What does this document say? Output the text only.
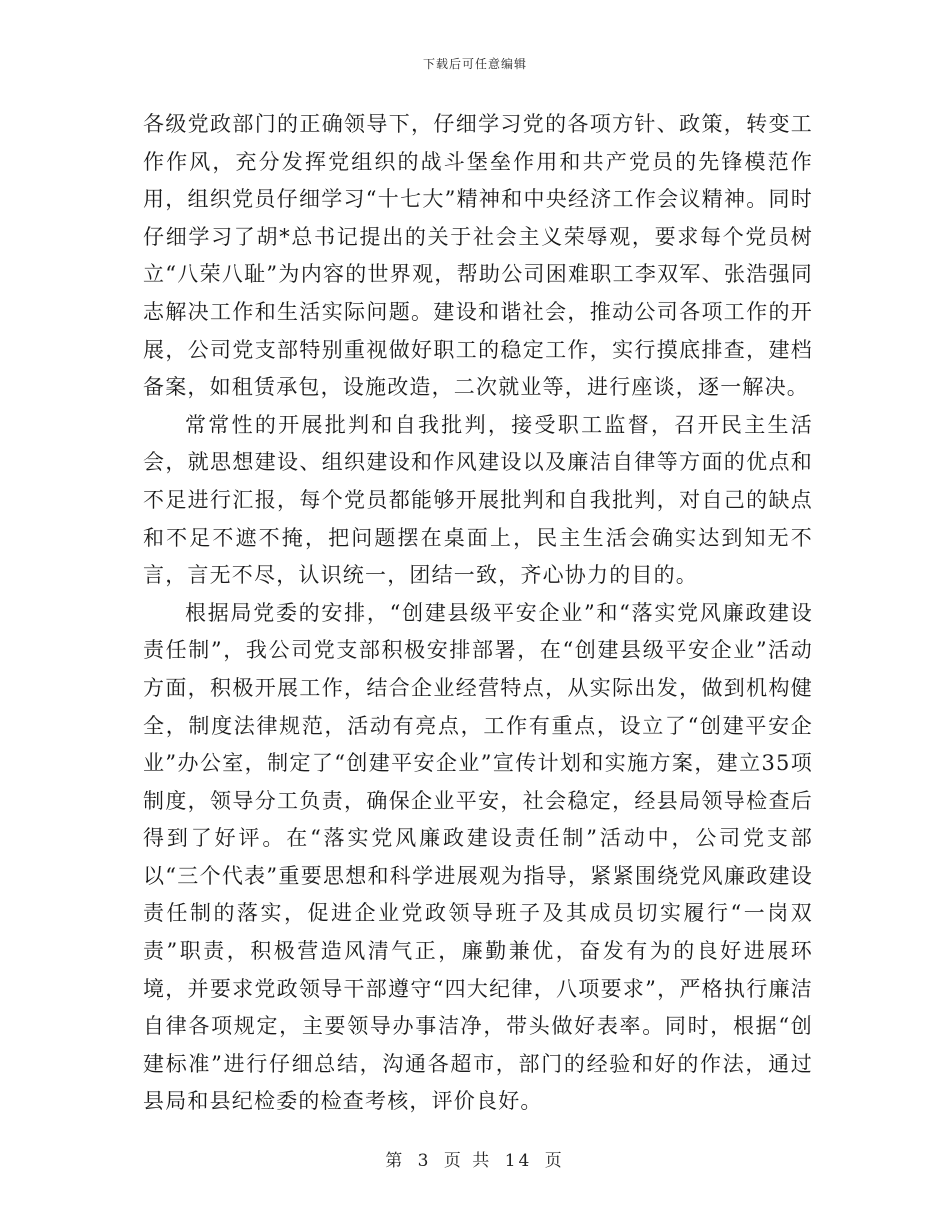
下载后可任意编辑

各级党政部门的正确领导下，仔细学习党的各项方针、政策，转变工作作风，充分发挥党组织的战斗堡垒作用和共产党员的先锋模范作用，组织党员仔细学习“十七大”精神和中央经济工作会议精神。同时仔细学习了胡*总书记提出的关于社会主义荣辱观，要求每个党员树立“八荣八耻”为内容的世界观，帮助公司困难职工李双军、张浩强同志解决工作和生活实际问题。建设和谐社会，推动公司各项工作的开展，公司党支部特别重视做好职工的稳定工作，实行摸底排查，建档备案，如租赁承包，设施改造，二次就业等，进行座谈，逐一解决。

常常性的开展批判和自我批判，接受职工监督，召开民主生活会，就思想建设、组织建设和作风建设以及廉洁自律等方面的优点和不足进行汇报，每个党员都能够开展批判和自我批判，对自己的缺点和不足不遮不掩，把问题摆在桌面上，民主生活会确实达到知无不言，言无不尽，认识统一，团结一致，齐心协力的目的。

根据局党委的安排，“创建县级平安企业”和“落实党风廉政建设责任制”，我公司党支部积极安排部署，在“创建县级平安企业”活动方面，积极开展工作，结合企业经营特点，从实际出发，做到机构健全，制度法律规范，活动有亮点，工作有重点，设立了“创建平安企业”办公室，制定了“创建平安企业”宣传计划和实施方案，建立35项制度，领导分工负责，确保企业平安，社会稳定，经县局领导检查后得到了好评。在“落实党风廉政建设责任制”活动中，公司党支部以“三个代表”重要思想和科学进展观为指导，紧紧围绕党风廉政建设责任制的落实，促进企业党政领导班子及其成员切实履行“一岗双责”职责，积极营造风清气正，廉勤兼优，奋发有为的良好进展环境，并要求党政领导干部遵守“四大纪律，八项要求”，严格执行廉洁自律各项规定，主要领导办事洁净，带头做好表率。同时，根据“创建标准”进行仔细总结，沟通各超市，部门的经验和好的作法，通过县局和县纪检委的检查考核，评价良好。

第 3 页 共 14 页
